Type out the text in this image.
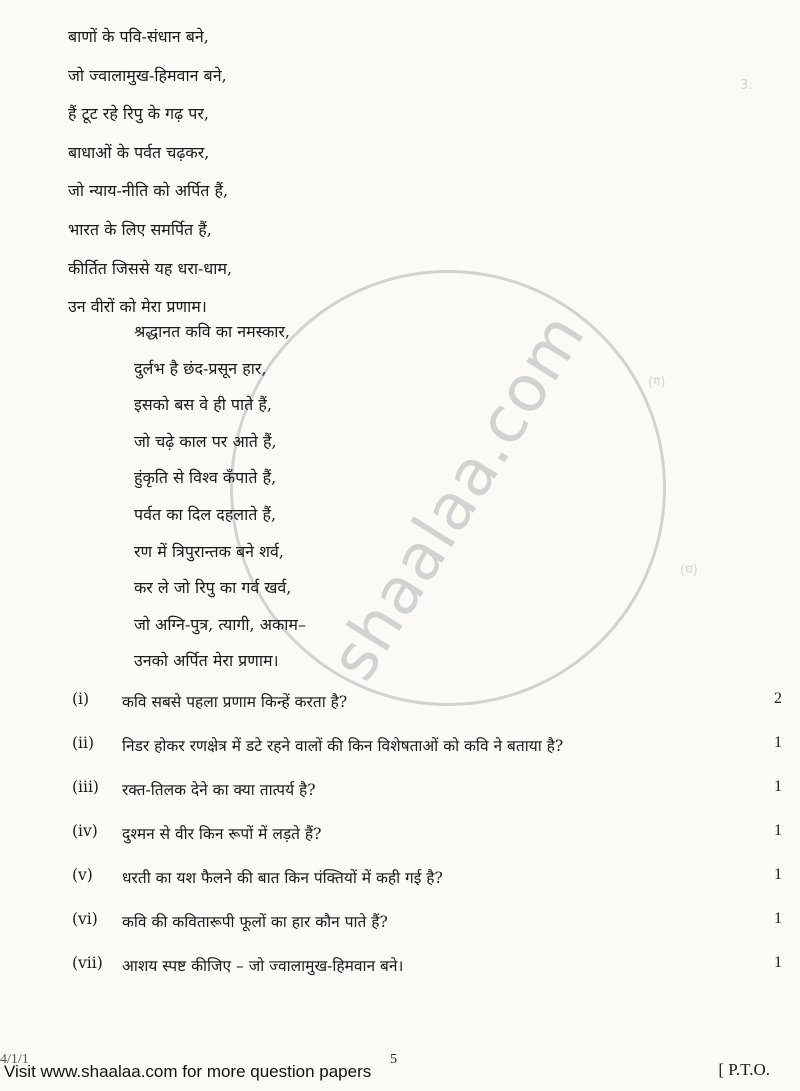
3.
(ग)
(घ)
shaalaa.com
बाणों के पवि-संधान बने,
जो ज्वालामुख-हिमवान बने,
हैं टूट रहे रिपु के गढ़ पर,
बाधाओं के पर्वत चढ़कर,
जो न्याय-नीति को अर्पित हैं,
भारत के लिए समर्पित हैं,
कीर्तित जिससे यह धरा-धाम,
उन वीरों को मेरा प्रणाम।
श्रद्धानत कवि का नमस्कार,
दुर्लभ है छंद-प्रसून हार,
इसको बस वे ही पाते हैं,
जो चढ़े काल पर आते हैं,
हुंकृति से विश्व कँपाते हैं,
पर्वत का दिल दहलाते हैं,
रण में त्रिपुरान्तक बने शर्व,
कर ले जो रिपु का गर्व खर्व,
जो अग्नि-पुत्र, त्यागी, अकाम–
उनको अर्पित मेरा प्रणाम।
(i) कवि सबसे पहला प्रणाम किन्हें करता है?	2
(ii) निडर होकर रणक्षेत्र में डटे रहने वालों की किन विशेषताओं को कवि ने बताया है?	1
(iii) रक्त-तिलक देने का क्या तात्पर्य है?	1
(iv) दुश्मन से वीर किन रूपों में लड़ते हैं?	1
(v) धरती का यश फैलने की बात किन पंक्तियों में कही गई है?	1
(vi) कवि की कवितारूपी फूलों का हार कौन पाते हैं?	1
(vii) आशय स्पष्ट कीजिए – जो ज्वालामुख-हिमवान बने।	1
4/1/1
Visit www.shaalaa.com for more question papers
5
[ P.T.O.
